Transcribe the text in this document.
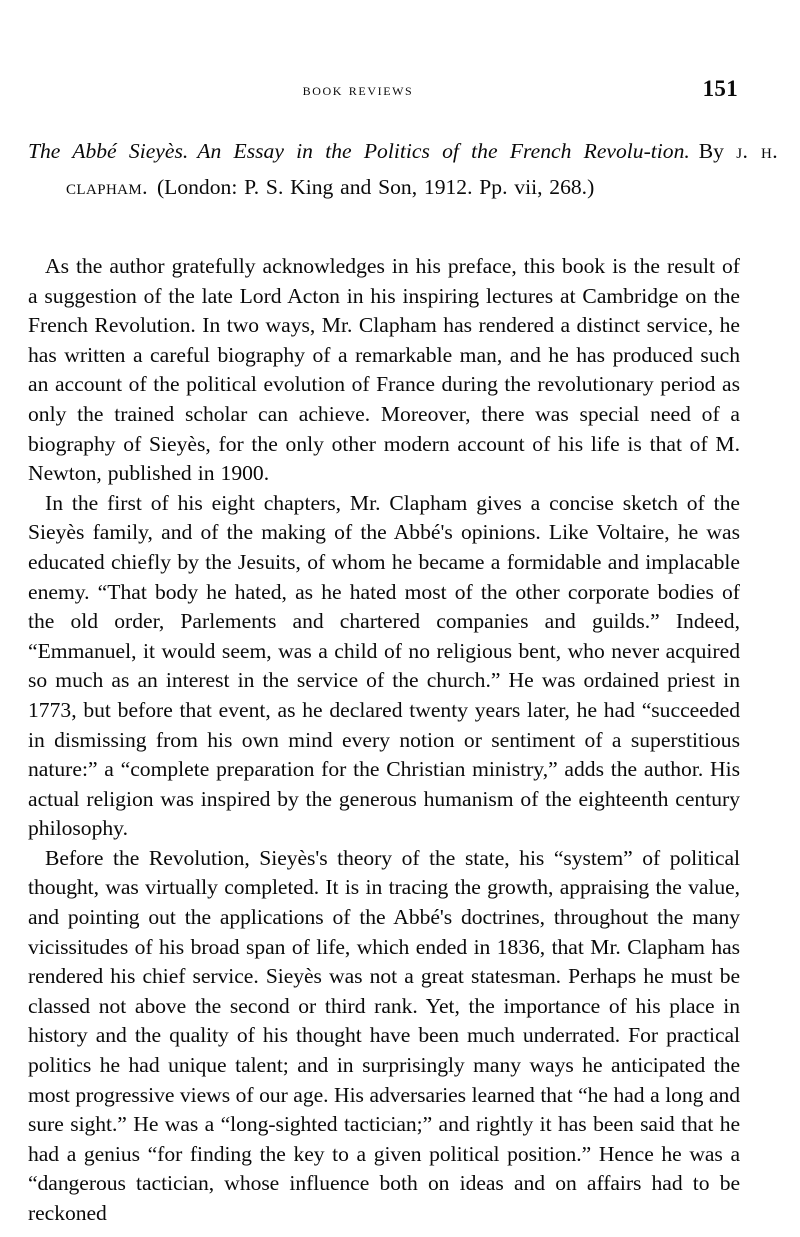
book reviews	151
The Abbé Sieyès. An Essay in the Politics of the French Revolu-tion. By j. h. clapham. (London: P. S. King and Son, 1912. Pp. vii, 268.)

As the author gratefully acknowledges in his preface, this book is the result of a suggestion of the late Lord Acton in his inspiring lectures at Cambridge on the French Revolution. In two ways, Mr. Clapham has rendered a distinct service, he has written a careful biography of a remarkable man, and he has produced such an account of the political evolution of France during the revolutionary period as only the trained scholar can achieve. Moreover, there was special need of a biography of Sieyès, for the only other modern account of his life is that of M. Newton, published in 1900.

In the first of his eight chapters, Mr. Clapham gives a concise sketch of the Sieyès family, and of the making of the Abbé's opinions. Like Voltaire, he was educated chiefly by the Jesuits, of whom he became a formidable and implacable enemy. “That body he hated, as he hated most of the other corporate bodies of the old order, Parlements and chartered companies and guilds.” Indeed, “Emmanuel, it would seem, was a child of no religious bent, who never acquired so much as an interest in the service of the church.” He was ordained priest in 1773, but before that event, as he declared twenty years later, he had “succeeded in dismissing from his own mind every notion or sentiment of a superstitious nature:” a “complete preparation for the Christian ministry,” adds the author. His actual religion was inspired by the generous humanism of the eighteenth century philosophy.

Before the Revolution, Sieyès's theory of the state, his “system” of political thought, was virtually completed. It is in tracing the growth, appraising the value, and pointing out the applications of the Abbé's doctrines, throughout the many vicissitudes of his broad span of life, which ended in 1836, that Mr. Clapham has rendered his chief service. Sieyès was not a great statesman. Perhaps he must be classed not above the second or third rank. Yet, the importance of his place in history and the quality of his thought have been much underrated. For practical politics he had unique talent; and in surprisingly many ways he anticipated the most progressive views of our age. His adversaries learned that “he had a long and sure sight.” He was a “long-sighted tactician;” and rightly it has been said that he had a genius “for finding the key to a given political position.” Hence he was a “dangerous tactician, whose influence both on ideas and on affairs had to be reckoned
